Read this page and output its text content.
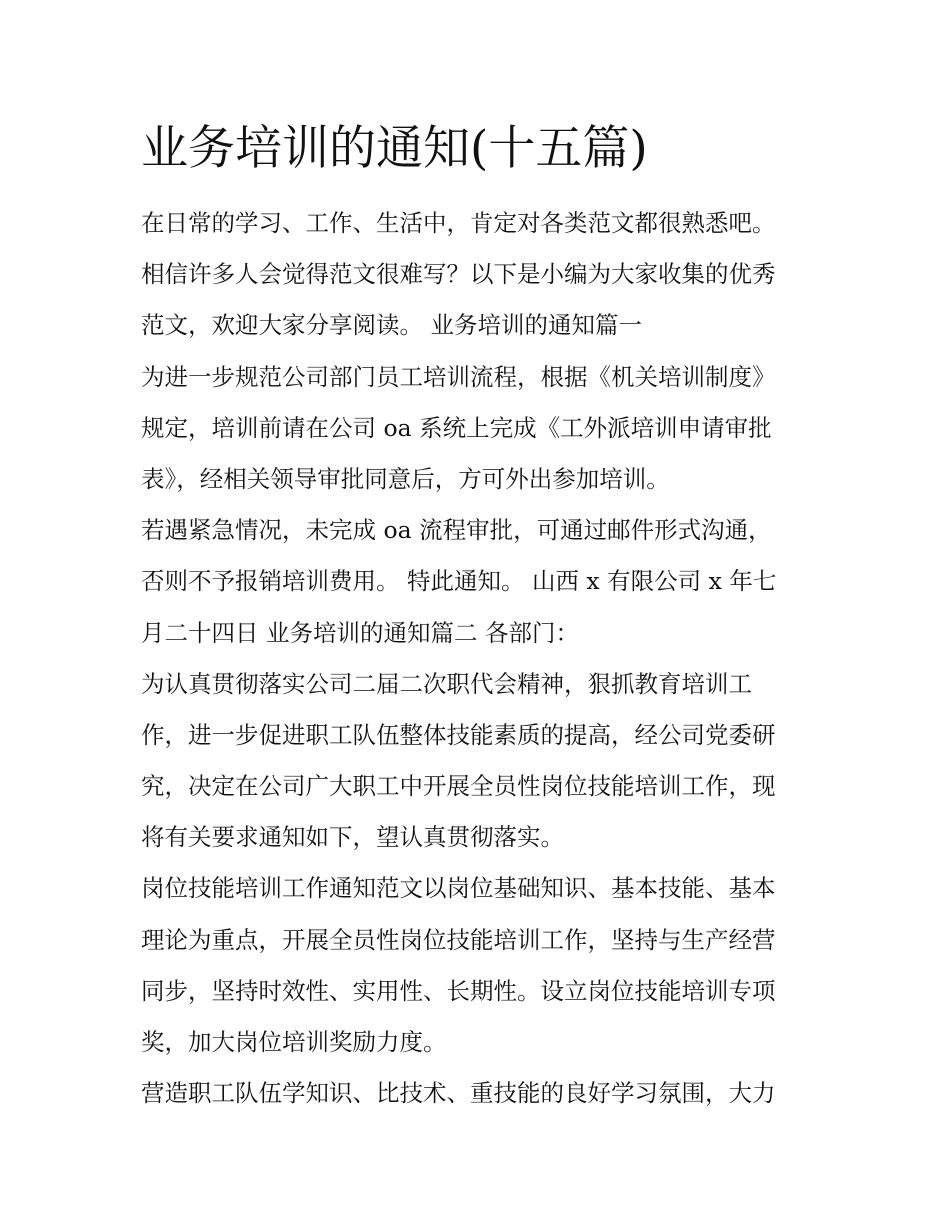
业务培训的通知(十五篇)
在日常的学习、工作、生活中，肯定对各类范文都很熟悉吧。
相信许多人会觉得范文很难写？以下是小编为大家收集的优秀
范文，欢迎大家分享阅读。 业务培训的通知篇一
为进一步规范公司部门员工培训流程，根据《机关培训制度》
规定，培训前请在公司 oa 系统上完成《工外派培训申请审批
表》，经相关领导审批同意后，方可外出参加培训。
若遇紧急情况，未完成 oa 流程审批，可通过邮件形式沟通，
否则不予报销培训费用。 特此通知。 山西 x 有限公司 x 年七
月二十四日 业务培训的通知篇二 各部门：
为认真贯彻落实公司二届二次职代会精神，狠抓教育培训工
作，进一步促进职工队伍整体技能素质的提高，经公司党委研
究，决定在公司广大职工中开展全员性岗位技能培训工作，现
将有关要求通知如下，望认真贯彻落实。
岗位技能培训工作通知范文以岗位基础知识、基本技能、基本
理论为重点，开展全员性岗位技能培训工作，坚持与生产经营
同步，坚持时效性、实用性、长期性。设立岗位技能培训专项
奖，加大岗位培训奖励力度。
营造职工队伍学知识、比技术、重技能的良好学习氛围，大力
